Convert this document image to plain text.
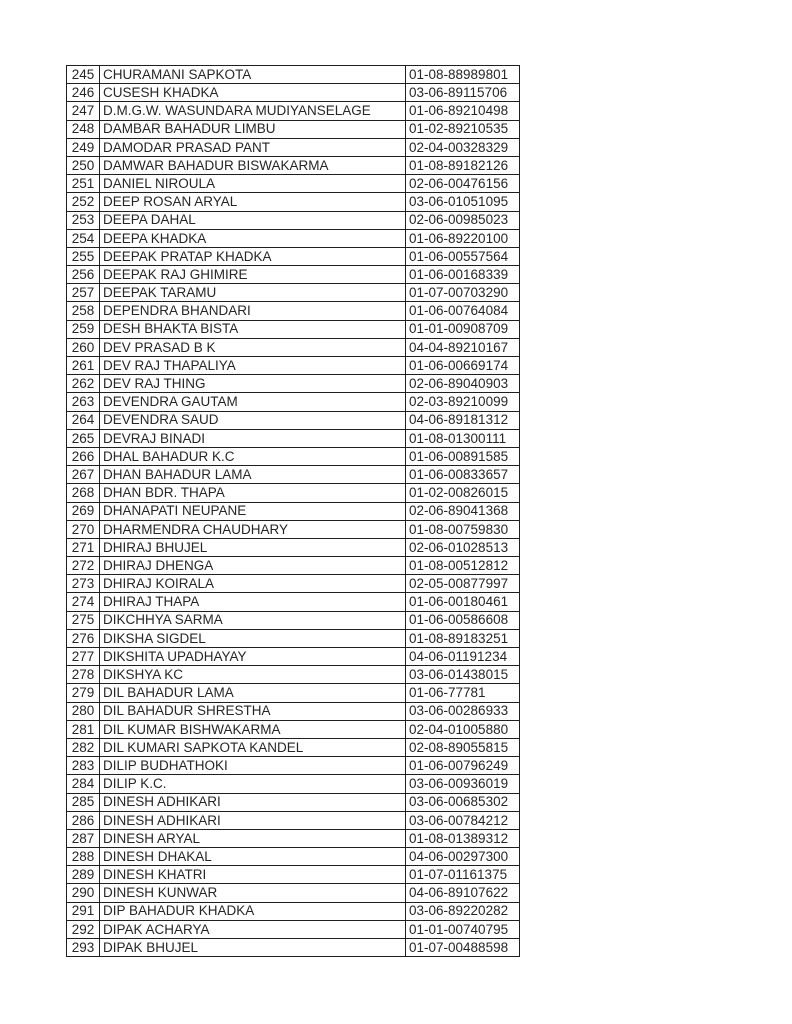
245	CHURAMANI SAPKOTA	01-08-88989801
246	CUSESH KHADKA	03-06-89115706
247	D.M.G.W. WASUNDARA MUDIYANSELAGE	01-06-89210498
248	DAMBAR BAHADUR LIMBU	01-02-89210535
249	DAMODAR PRASAD PANT	02-04-00328329
250	DAMWAR BAHADUR BISWAKARMA	01-08-89182126
251	DANIEL NIROULA	02-06-00476156
252	DEEP ROSAN ARYAL	03-06-01051095
253	DEEPA DAHAL	02-06-00985023
254	DEEPA KHADKA	01-06-89220100
255	DEEPAK PRATAP KHADKA	01-06-00557564
256	DEEPAK RAJ GHIMIRE	01-06-00168339
257	DEEPAK TARAMU	01-07-00703290
258	DEPENDRA BHANDARI	01-06-00764084
259	DESH BHAKTA BISTA	01-01-00908709
260	DEV PRASAD B K	04-04-89210167
261	DEV RAJ THAPALIYA	01-06-00669174
262	DEV RAJ THING	02-06-89040903
263	DEVENDRA GAUTAM	02-03-89210099
264	DEVENDRA SAUD	04-06-89181312
265	DEVRAJ BINADI	01-08-01300111
266	DHAL BAHADUR K.C	01-06-00891585
267	DHAN BAHADUR LAMA	01-06-00833657
268	DHAN BDR. THAPA	01-02-00826015
269	DHANAPATI NEUPANE	02-06-89041368
270	DHARMENDRA CHAUDHARY	01-08-00759830
271	DHIRAJ BHUJEL	02-06-01028513
272	DHIRAJ DHENGA	01-08-00512812
273	DHIRAJ KOIRALA	02-05-00877997
274	DHIRAJ THAPA	01-06-00180461
275	DIKCHHYA SARMA	01-06-00586608
276	DIKSHA SIGDEL	01-08-89183251
277	DIKSHITA UPADHAYAY	04-06-01191234
278	DIKSHYA KC	03-06-01438015
279	DIL BAHADUR LAMA	01-06-77781
280	DIL BAHADUR SHRESTHA	03-06-00286933
281	DIL KUMAR BISHWAKARMA	02-04-01005880
282	DIL KUMARI SAPKOTA KANDEL	02-08-89055815
283	DILIP BUDHATHOKI	01-06-00796249
284	DILIP K.C.	03-06-00936019
285	DINESH ADHIKARI	03-06-00685302
286	DINESH ADHIKARI	03-06-00784212
287	DINESH ARYAL	01-08-01389312
288	DINESH DHAKAL	04-06-00297300
289	DINESH KHATRI	01-07-01161375
290	DINESH KUNWAR	04-06-89107622
291	DIP BAHADUR KHADKA	03-06-89220282
292	DIPAK ACHARYA	01-01-00740795
293	DIPAK BHUJEL	01-07-00488598
